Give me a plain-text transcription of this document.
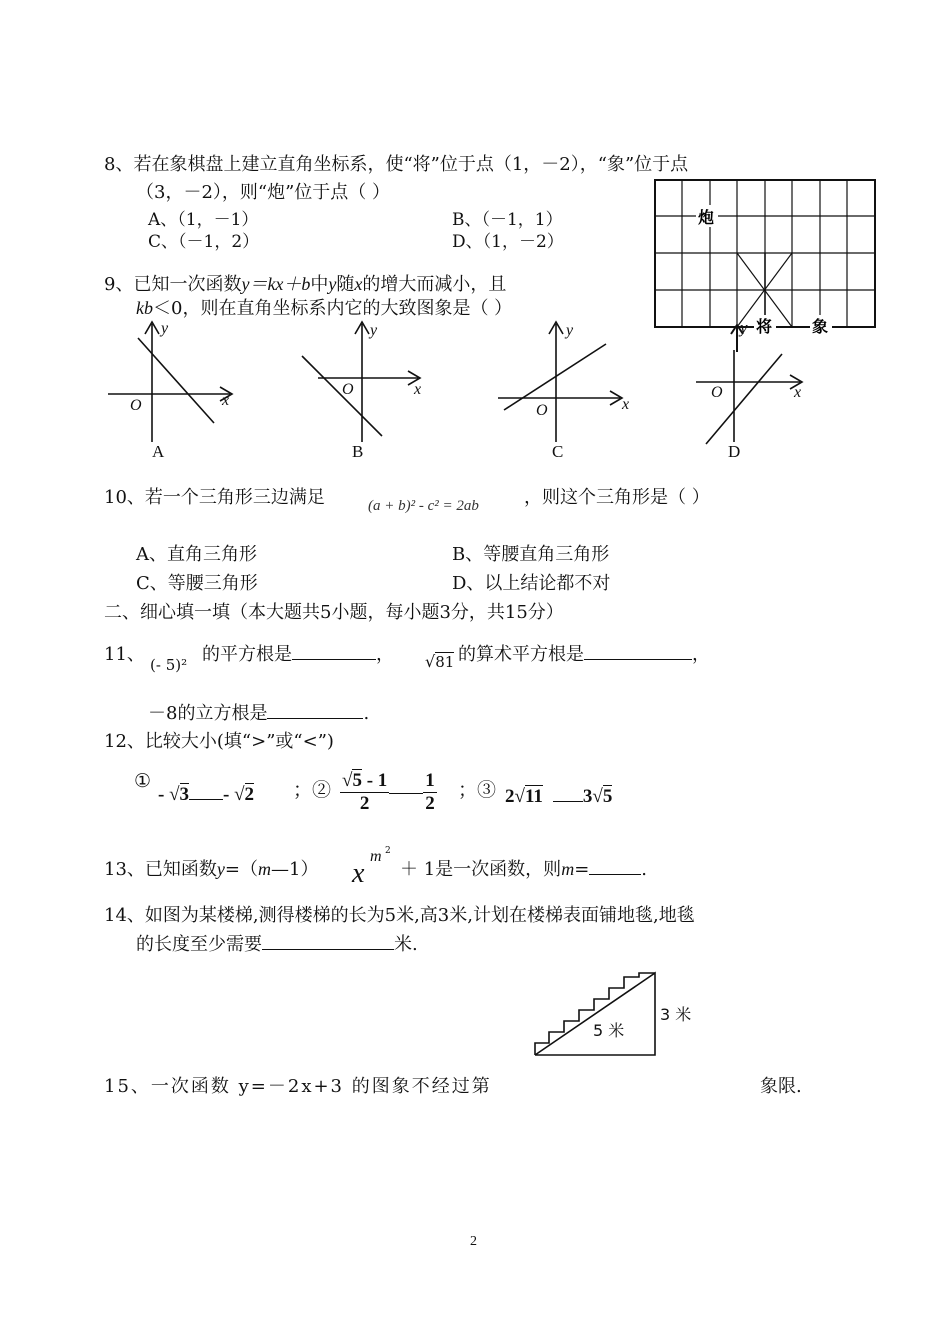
8、若在象棋盘上建立直角坐标系，使“将”位于点（1，－2），“象”位于点
（3，－2），则“炮”位于点（ ）
A、（1，－1）	B、（－1，1）
C、（－1，2）	D、（1，－2）
炮
将 象
y
9、已知一次函数y＝kx＋b中y随x的增大而减小，且
kb＜0，则在直角坐标系内它的大致图象是（ ）
y
O	x
A
y
O	x
B
y
O	x
C
O	x
D
10、若一个三角形三边满足	(a + b)² - c² = 2ab	，则这个三角形是（ ）
A、直角三角形	B、等腰直角三角形
C、等腰三角形	D、以上结论都不对
二、细心填一填（本大题共5小题，每小题3分，共15分）
11、 (- 5)² 的平方根是	， √81 的算术平方根是	，
－8的立方根是	.
12、比较大小(填“>”或“<”)
①
- √3 - √2 ；② $\frac{√5 - 1}{2} \frac{1}{2}$ ；③ 2√11 3√5
13、已知函数y=（m—1） x
m 2
＋ 1是一次函数，则m=	.
14、如图为某楼梯,测得楼梯的长为5米,高3米,计划在楼梯表面铺地毯,地毯
的长度至少需要	米.
5 米
3 米
15、一次函数 y=－2x+3 的图象不经过第	象限.
2
